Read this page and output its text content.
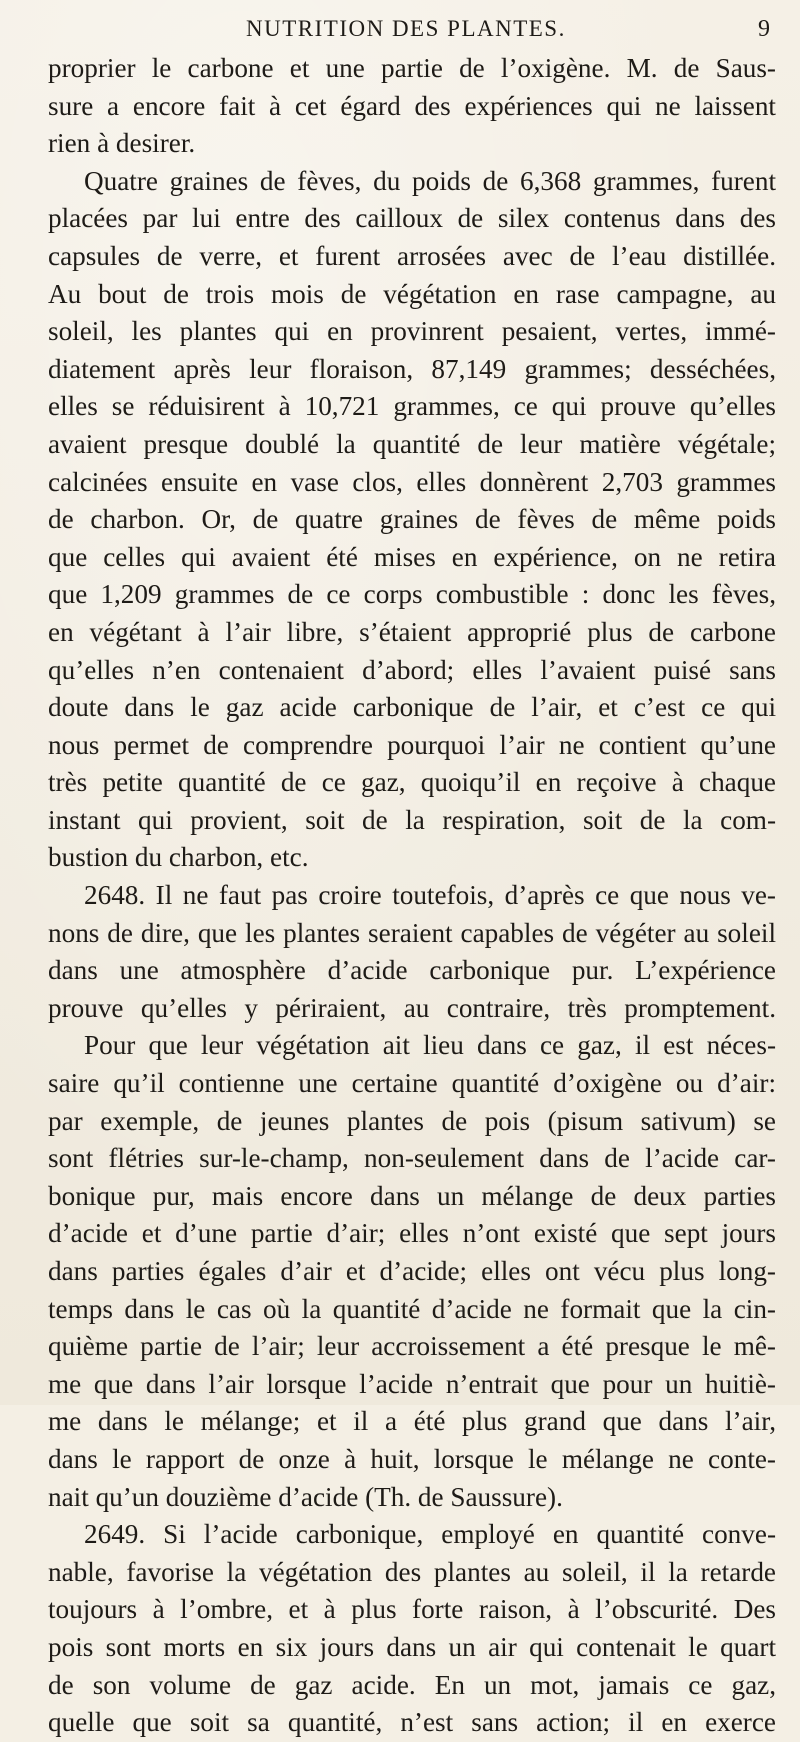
NUTRITION DES PLANTES.	9
proprier le carbone et une partie de l’oxigène. M. de Saus-
sure a encore fait à cet égard des expériences qui ne laissent
rien à desirer.
Quatre graines de fèves, du poids de 6,368 grammes, furent
placées par lui entre des cailloux de silex contenus dans des
capsules de verre, et furent arrosées avec de l’eau distillée.
Au bout de trois mois de végétation en rase campagne, au
soleil, les plantes qui en provinrent pesaient, vertes, immé-
diatement après leur floraison, 87,149 grammes; desséchées,
elles se réduisirent à 10,721 grammes, ce qui prouve qu’elles
avaient presque doublé la quantité de leur matière végétale;
calcinées ensuite en vase clos, elles donnèrent 2,703 grammes
de charbon. Or, de quatre graines de fèves de même poids
que celles qui avaient été mises en expérience, on ne retira
que 1,209 grammes de ce corps combustible : donc les fèves,
en végétant à l’air libre, s’étaient approprié plus de carbone
qu’elles n’en contenaient d’abord; elles l’avaient puisé sans
doute dans le gaz acide carbonique de l’air, et c’est ce qui
nous permet de comprendre pourquoi l’air ne contient qu’une
très petite quantité de ce gaz, quoiqu’il en reçoive à chaque
instant qui provient, soit de la respiration, soit de la com-
bustion du charbon, etc.
2648. Il ne faut pas croire toutefois, d’après ce que nous ve-
nons de dire, que les plantes seraient capables de végéter au soleil
dans une atmosphère d’acide carbonique pur. L’expérience
prouve qu’elles y périraient, au contraire, très promptement.
Pour que leur végétation ait lieu dans ce gaz, il est néces-
saire qu’il contienne une certaine quantité d’oxigène ou d’air:
par exemple, de jeunes plantes de pois (pisum sativum) se
sont flétries sur-le-champ, non-seulement dans de l’acide car-
bonique pur, mais encore dans un mélange de deux parties
d’acide et d’une partie d’air; elles n’ont existé que sept jours
dans parties égales d’air et d’acide; elles ont vécu plus long-
temps dans le cas où la quantité d’acide ne formait que la cin-
quième partie de l’air; leur accroissement a été presque le mê-
me que dans l’air lorsque l’acide n’entrait que pour un huitiè-
me dans le mélange; et il a été plus grand que dans l’air,
dans le rapport de onze à huit, lorsque le mélange ne conte-
nait qu’un douzième d’acide (Th. de Saussure).
2649. Si l’acide carbonique, employé en quantité conve-
nable, favorise la végétation des plantes au soleil, il la retarde
toujours à l’ombre, et à plus forte raison, à l’obscurité. Des
pois sont morts en six jours dans un air qui contenait le quart
de son volume de gaz acide. En un mot, jamais ce gaz,
quelle que soit sa quantité, n’est sans action; il en exerce
